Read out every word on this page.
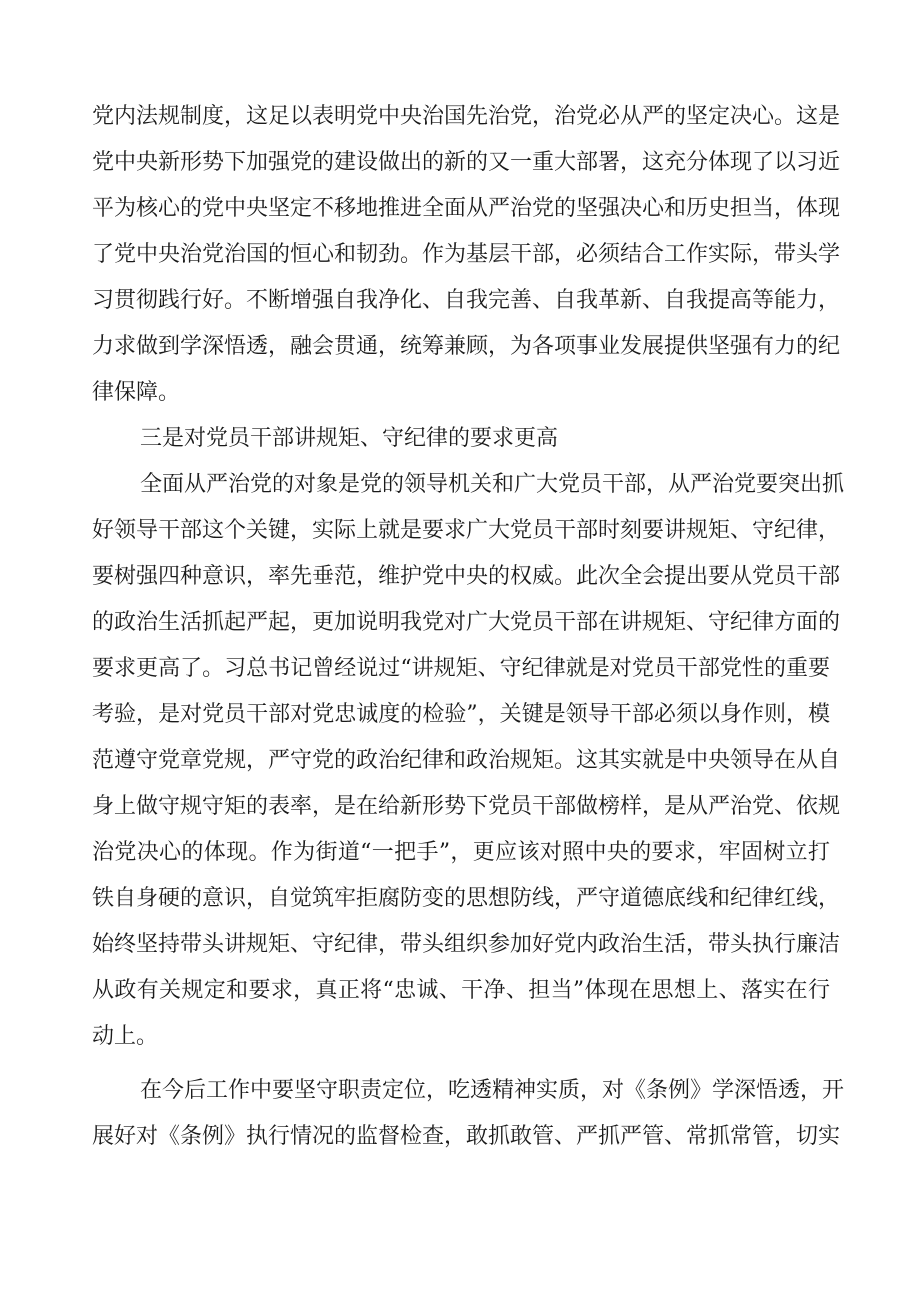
党内法规制度，这足以表明党中央治国先治党，治党必从严的坚定决心。这是
党中央新形势下加强党的建设做出的新的又一重大部署，这充分体现了以习近
平为核心的党中央坚定不移地推进全面从严治党的坚强决心和历史担当，体现
了党中央治党治国的恒心和韧劲。作为基层干部，必须结合工作实际，带头学
习贯彻践行好。不断增强自我净化、自我完善、自我革新、自我提高等能力，
力求做到学深悟透，融会贯通，统筹兼顾，为各项事业发展提供坚强有力的纪
律保障。
三是对党员干部讲规矩、守纪律的要求更高
全面从严治党的对象是党的领导机关和广大党员干部，从严治党要突出抓
好领导干部这个关键，实际上就是要求广大党员干部时刻要讲规矩、守纪律，
要树强四种意识，率先垂范，维护党中央的权威。此次全会提出要从党员干部
的政治生活抓起严起，更加说明我党对广大党员干部在讲规矩、守纪律方面的
要求更高了。习总书记曾经说过“讲规矩、守纪律就是对党员干部党性的重要
考验，是对党员干部对党忠诚度的检验”，关键是领导干部必须以身作则，模
范遵守党章党规，严守党的政治纪律和政治规矩。这其实就是中央领导在从自
身上做守规守矩的表率，是在给新形势下党员干部做榜样，是从严治党、依规
治党决心的体现。作为街道“一把手”，更应该对照中央的要求，牢固树立打
铁自身硬的意识，自觉筑牢拒腐防变的思想防线，严守道德底线和纪律红线，
始终坚持带头讲规矩、守纪律，带头组织参加好党内政治生活，带头执行廉洁
从政有关规定和要求，真正将“忠诚、干净、担当”体现在思想上、落实在行
动上。
在今后工作中要坚守职责定位，吃透精神实质，对《条例》学深悟透，开
展好对《条例》执行情况的监督检查，敢抓敢管、严抓严管、常抓常管，切实
